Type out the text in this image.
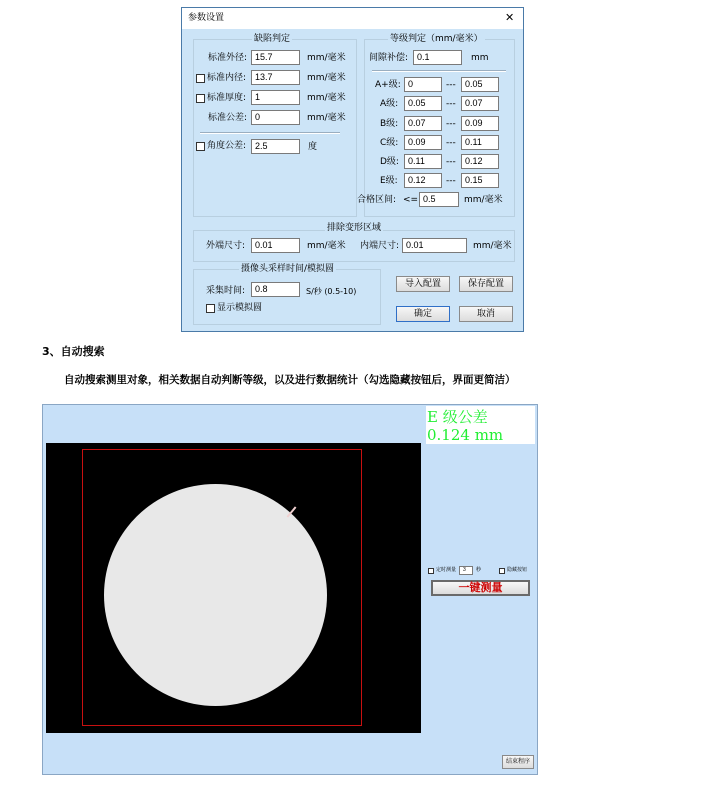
参数设置	✕
缺陷判定
标准外径: 15.7	mm/毫米
标准内径: 13.7	mm/毫米
标准厚度: 1	mm/毫米
标准公差: 0	mm/毫米
角度公差: 2.5	度
等级判定（mm/毫米）
间隙补偿: 0.1	mm
A+级: 0	---	0.05
A级:	0.05	---	0.07
B级:	0.07	---	0.09
C级:	0.09	---	0.11
D级:	0.11	---	0.12
E级:	0.12	---	0.15
合格区间: <= 0.5	mm/毫米
排除变形区域
外端尺寸:	0.01	mm/毫米 内端尺寸: 0.01	mm/毫米
摄像头采样时间/模拟圆
采集时间:	0.8	S/秒 (0.5-10)
显示模拟圆
导入配置	保存配置
确定	取消
3、自动搜索
自动搜索测里对象，相关数据自动判断等级，以及进行数据统计（勾选隐藏按钮后，界面更简洁）
E 级公差
0.124 mm
定时测量	3	秒	隐藏按钮
一键测量
结束程序
